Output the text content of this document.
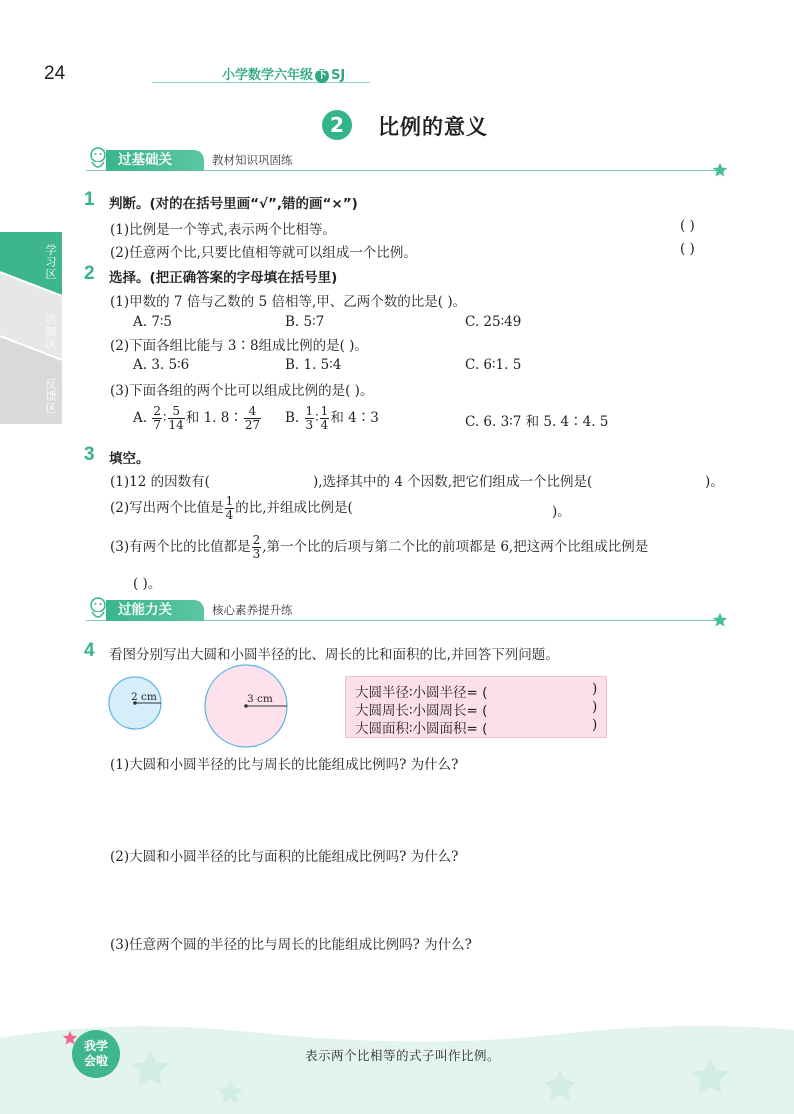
24	小学数学六年级 下 SJ
2	比例的意义
学习区
巩固区
反馈区
过基础关	教材知识巩固练
1 判断。(对的在括号里画“√”,错的画“×”)
(1)比例是一个等式,表示两个比相等。	( )
(2)任意两个比,只要比值相等就可以组成一个比例。	( )
2 选择。(把正确答案的字母填在括号里)
(1)甲数的 7 倍与乙数的 5 倍相等,甲、乙两个数的比是( )。
A. 7∶5	B. 5∶7	C. 25∶49
(2)下面各组比能与 3∶8组成比例的是( )。
A. 3. 5∶6	B. 1. 5∶4	C. 6∶1. 5
(3)下面各组的两个比可以组成比例的是( )。
A. $\frac{2}{7}$ ∶ $\frac{5}{14}$ 和 1. 8∶ $\frac{4}{27} B$. $\frac{1}{3}$ ∶ $\frac{1}{4}$ 和 4∶3	C. 6. 3∶7 和 5. 4∶4. 5
3 填空。
(1)12 的因数有(	),选择其中的 4 个因数,把它们组成一个比例是(	)。
(2)写出两个比值是 $\frac{1}{4}$ 的比,并组成比例是(	)。
(3)有两个比的比值都是 $\frac{2}{3}$ ,第一个比的后项与第二个比的前项都是 6,把这两个比组成比例是
( )。
过能力关	核心素养提升练
4 看图分别写出大圆和小圆半径的比、周长的比和面积的比,并回答下列问题。
2 cm	3 cm	大圆半径∶小圆半径= (	)
大圆周长∶小圆周长= (	)
大圆面积∶小圆面积= (	)
(1)大圆和小圆半径的比与周长的比能组成比例吗? 为什么?
(2)大圆和小圆半径的比与面积的比能组成比例吗? 为什么?
(3)任意两个圆的半径的比与周长的比能组成比例吗? 为什么?
我学
会啦	表示两个比相等的式子叫作比例。
